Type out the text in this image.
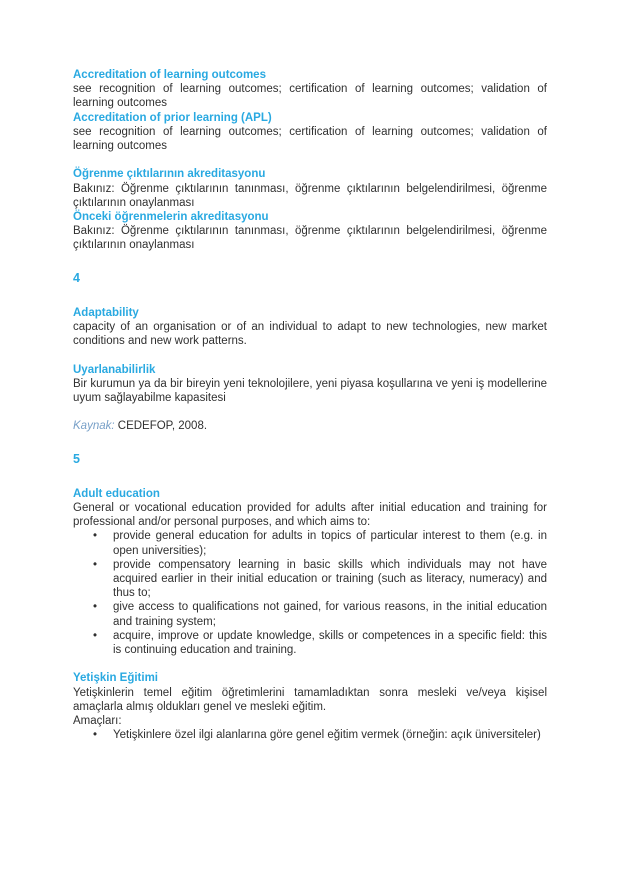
Accreditation of learning outcomes

see recognition of learning outcomes; certification of learning outcomes; validation of learning outcomes

Accreditation of prior learning (APL)

see recognition of learning outcomes; certification of learning outcomes; validation of learning outcomes

Öğrenme çıktılarının akreditasyonu

Bakınız: Öğrenme çıktılarının tanınması, öğrenme çıktılarının belgelendirilmesi, öğrenme çıktılarının onaylanması

Önceki öğrenmelerin akreditasyonu

Bakınız: Öğrenme çıktılarının tanınması, öğrenme çıktılarının belgelendirilmesi, öğrenme çıktılarının onaylanması

4
Adaptability

capacity of an organisation or of an individual to adapt to new technologies, new market conditions and new work patterns.

Uyarlanabilirlik

Bir kurumun ya da bir bireyin yeni teknolojilere, yeni piyasa koşullarına ve yeni iş modellerine uyum sağlayabilme kapasitesi

Kaynak: CEDEFOP, 2008.

5
Adult education

General or vocational education provided for adults after initial education and training for professional and/or personal purposes, and which aims to:

• provide general education for adults in topics of particular interest to them (e.g. in open universities);
• provide compensatory learning in basic skills which individuals may not have acquired earlier in their initial education or training (such as literacy, numeracy) and thus to;
• give access to qualifications not gained, for various reasons, in the initial education and training system;
• acquire, improve or update knowledge, skills or competences in a specific field: this is continuing education and training.
Yetişkin Eğitimi

Yetişkinlerin temel eğitim öğretimlerini tamamladıktan sonra mesleki ve/veya kişisel amaçlarla almış oldukları genel ve mesleki eğitim.

Amaçları:

• Yetişkinlere özel ilgi alanlarına göre genel eğitim vermek (örneğin: açık üniversiteler)
